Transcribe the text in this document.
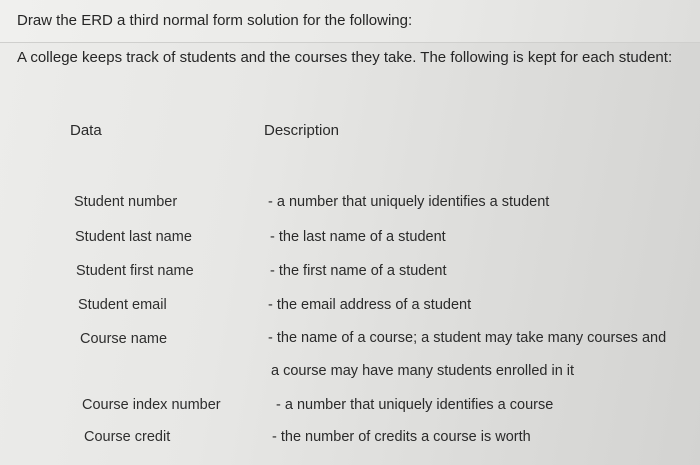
Draw the ERD a third normal form solution for the following:
A college keeps track of students and the courses they take. The following is kept for each student:
Data	Description
Student number	- a number that uniquely identifies a student
Student last name	- the last name of a student
Student first name	- the first name of a student
Student email	- the email address of a student
Course name	- the name of a course; a student may take many courses and
a course may have many students enrolled in it
Course index number	- a number that uniquely identifies a course
Course credit	- the number of credits a course is worth
